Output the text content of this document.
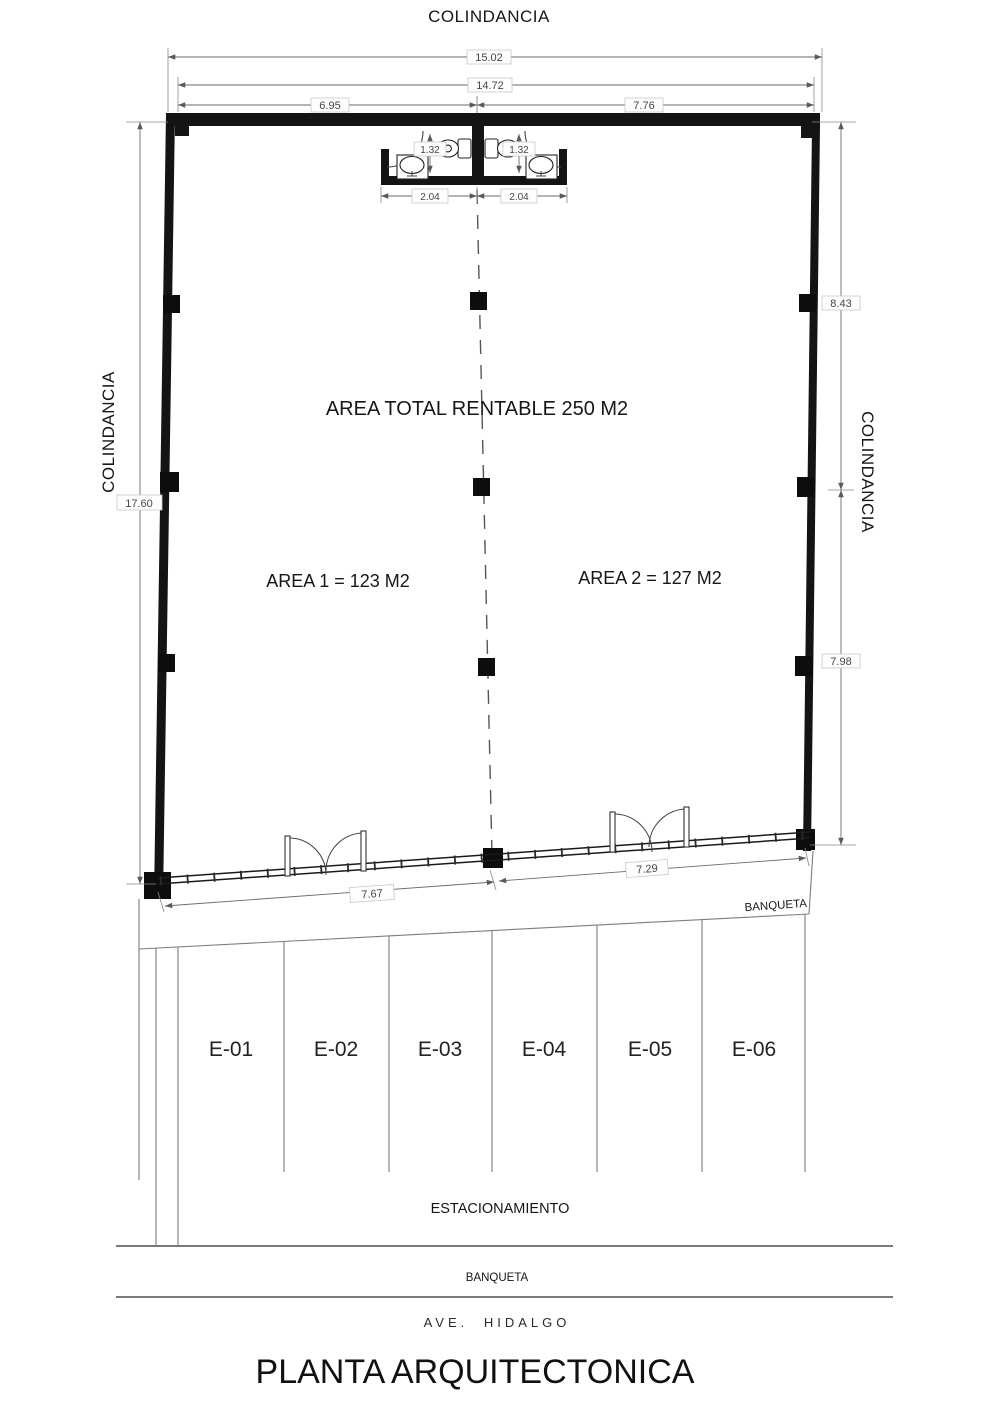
1.32	1.32
2.04	2.04
15.02
14.72
6.95	7.76
COLINDANCIA
17.60
COLINDANCIA
8.43
7.98
COLINDANCIA
AREA TOTAL RENTABLE 250 M2
AREA 1 = 123 M2	AREA 2 = 127 M2
7.67
7.29
BANQUETA
E-01	E-02	E-03	E-04	E-05	E-06
ESTACIONAMIENTO
BANQUETA
AVE. HIDALGO
PLANTA ARQUITECTONICA
